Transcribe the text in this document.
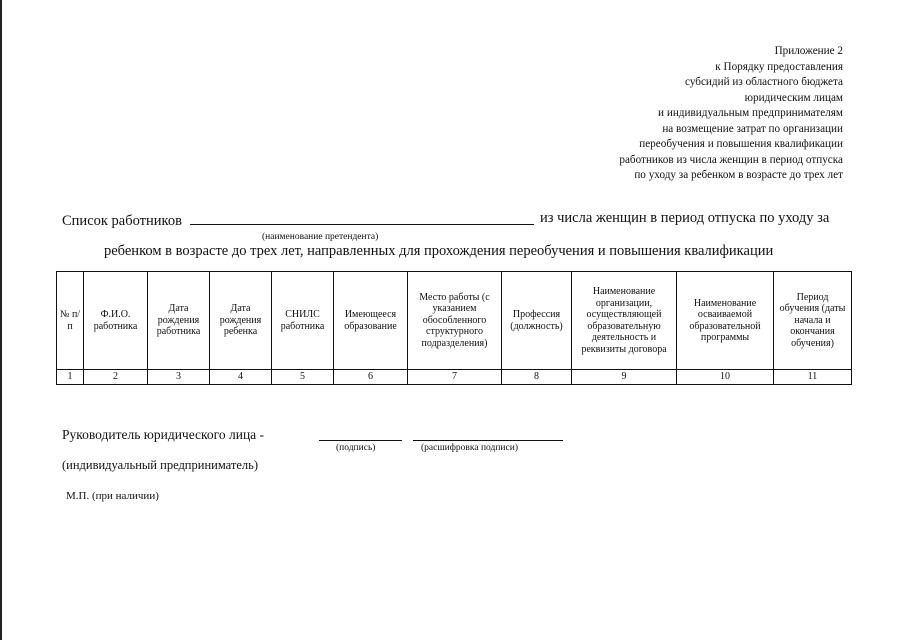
Приложение 2
к Порядку предоставления
субсидий из областного бюджета
юридическим лицам
и индивидуальным предпринимателям
на возмещение затрат по организации
переобучения и повышения квалификации
работников из числа женщин в период отпуска
по уходу за ребенком в возрасте до трех лет
Список работников	из числа женщин в период отпуска по уходу за
(наименование претендента)
ребенком в возрасте до трех лет, направленных для прохождения переобучения и повышения квалификации
№ п/п	Ф.И.О. работника	Дата рождения работника	Дата рождения ребенка	СНИЛС работника	Имеющееся образование	Место работы (с указанием обособленного структурного подразделения)	Профессия (должность)	Наименование организации, осуществляющей образовательную деятельность и реквизиты договора	Наименование осваиваемой образовательной программы	Период обучения (даты начала и окончания обучения)
1	2	3	4	5	6	7	8	9	10	11
Руководитель юридического лица -
(подпись)	(расшифровка подписи)
(индивидуальный предприниматель)
М.П. (при наличии)
